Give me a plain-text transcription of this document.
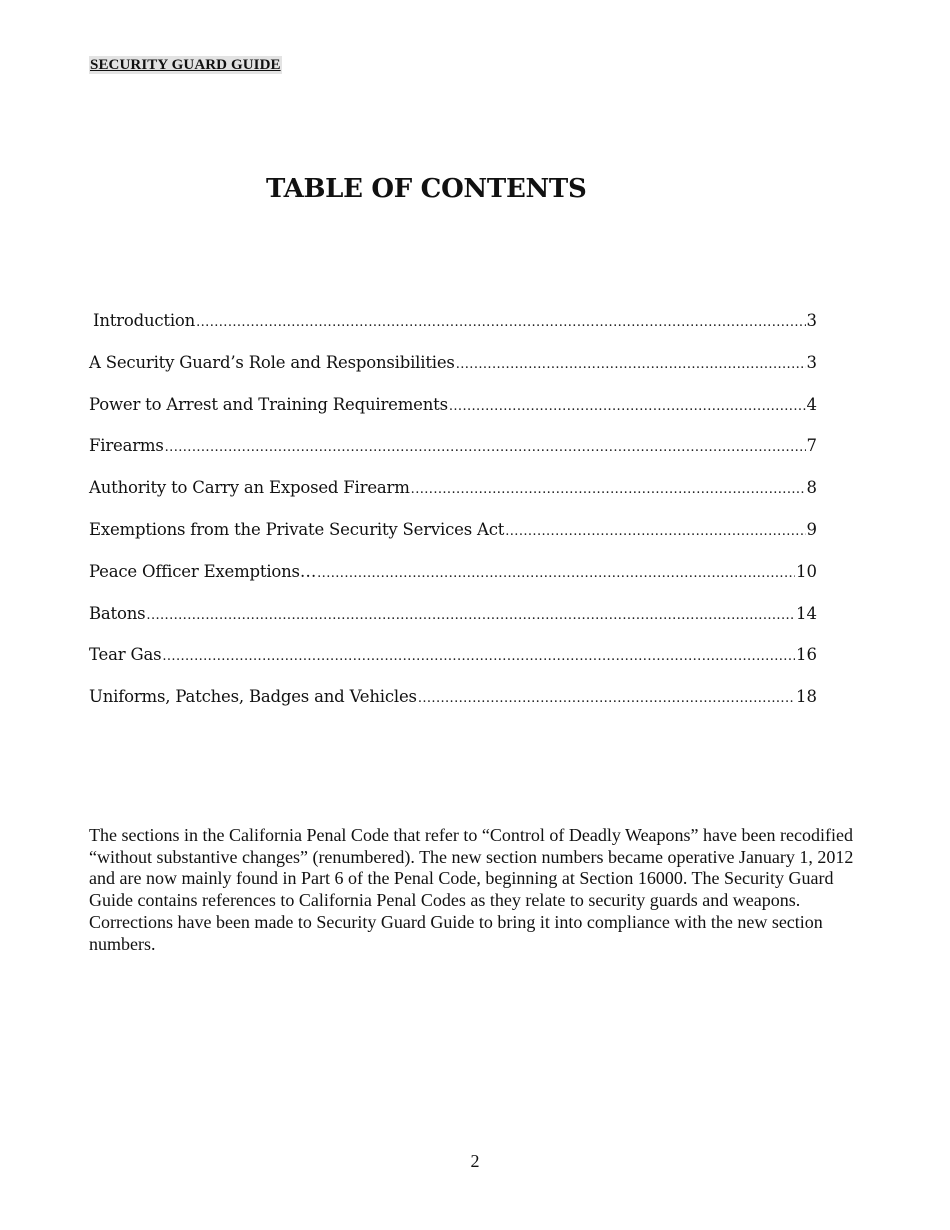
SECURITY GUARD GUIDE
TABLE OF CONTENTS
Introduction .....	3
A Security Guard’s Role and Responsibilities .....	3
Power to Arrest and Training Requirements .....	4
Firearms .....	7
Authority to Carry an Exposed Firearm .....	8
Exemptions from the Private Security Services Act .....	9
Peace Officer Exemptions… .....	10
Batons .....	14
Tear Gas .....	16
Uniforms, Patches, Badges and Vehicles .....	18

The sections in the California Penal Code that refer to “Control of Deadly Weapons” have been recodified “without substantive changes” (renumbered). The new section numbers became operative January 1, 2012 and are now mainly found in Part 6 of the Penal Code, beginning at Section 16000. The Security Guard Guide contains references to California Penal Codes as they relate to security guards and weapons. Corrections have been made to Security Guard Guide to bring it into compliance with the new section numbers.

2
